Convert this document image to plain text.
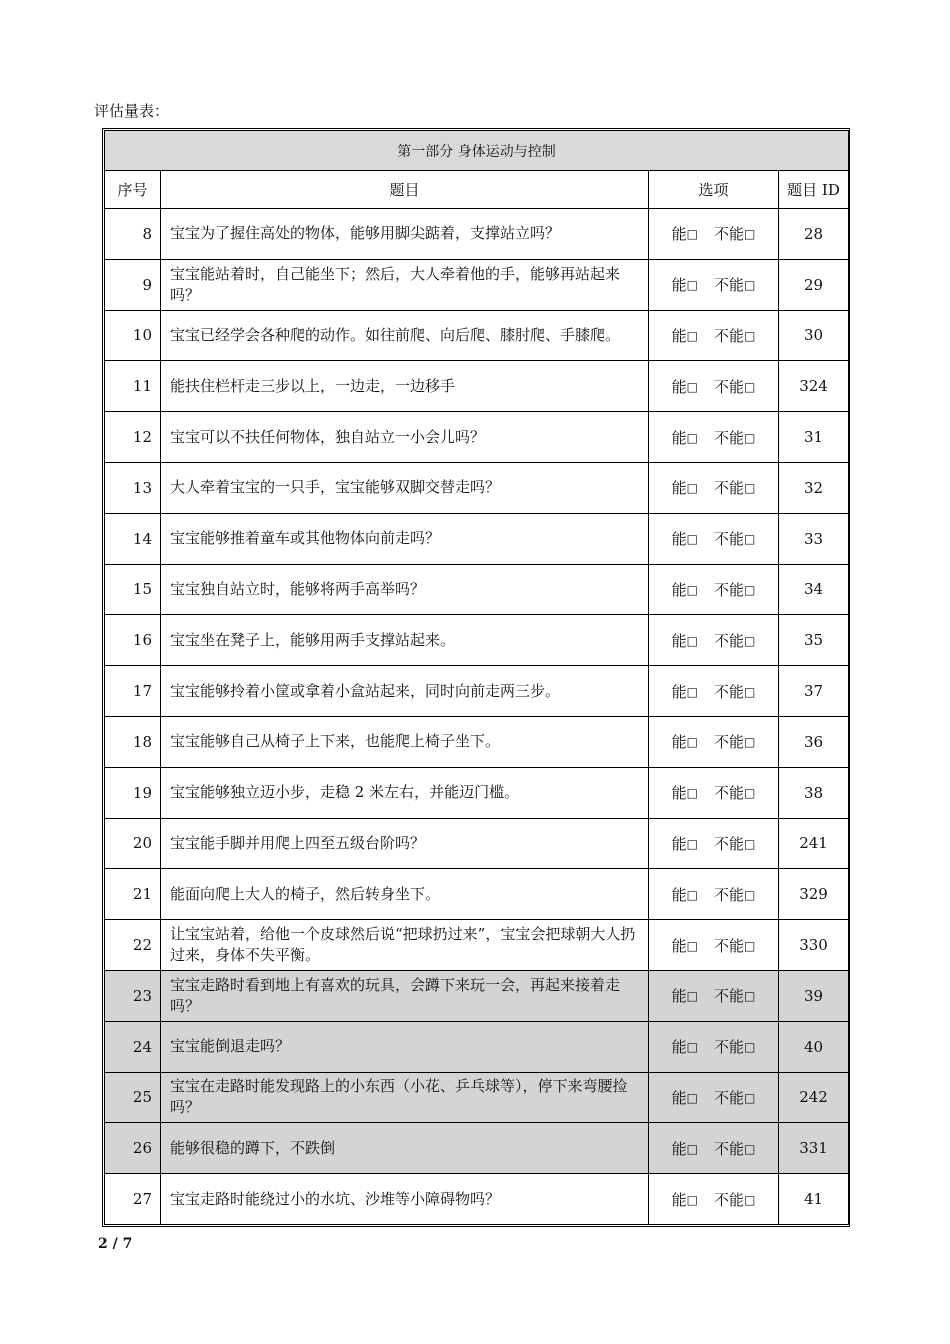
评估量表：
第一部分 身体运动与控制			
序号	题目	选项	题目 ID
8	宝宝为了握住高处的物体，能够用脚尖踮着，支撑站立吗？	能□ 不能□	28
9	宝宝能站着时，自己能坐下；然后，大人牵着他的手，能够再站起来吗？	能□ 不能□	29
10	宝宝已经学会各种爬的动作。如往前爬、向后爬、膝肘爬、手膝爬。	能□ 不能□	30
11	能扶住栏杆走三步以上，一边走，一边移手	能□ 不能□	324
12	宝宝可以不扶任何物体，独自站立一小会儿吗？	能□ 不能□	31
13	大人牵着宝宝的一只手，宝宝能够双脚交替走吗？	能□ 不能□	32
14	宝宝能够推着童车或其他物体向前走吗？	能□ 不能□	33
15	宝宝独自站立时，能够将两手高举吗？	能□ 不能□	34
16	宝宝坐在凳子上，能够用两手支撑站起来。	能□ 不能□	35
17	宝宝能够拎着小筐或拿着小盒站起来，同时向前走两三步。	能□ 不能□	37
18	宝宝能够自己从椅子上下来，也能爬上椅子坐下。	能□ 不能□	36
19	宝宝能够独立迈小步，走稳 2 米左右，并能迈门槛。	能□ 不能□	38
20	宝宝能手脚并用爬上四至五级台阶吗？	能□ 不能□	241
21	能面向爬上大人的椅子，然后转身坐下。	能□ 不能□	329
22	让宝宝站着，给他一个皮球然后说“把球扔过来”，宝宝会把球朝大人扔过来，身体不失平衡。	能□ 不能□	330
23	宝宝走路时看到地上有喜欢的玩具，会蹲下来玩一会，再起来接着走吗？	能□ 不能□	39
24	宝宝能倒退走吗？	能□ 不能□	40
25	宝宝在走路时能发现路上的小东西（小花、乒乓球等），停下来弯腰捡吗？	能□ 不能□	242
26	能够很稳的蹲下，不跌倒	能□ 不能□	331
27	宝宝走路时能绕过小的水坑、沙堆等小障碍物吗？	能□ 不能□	41
2 / 7
